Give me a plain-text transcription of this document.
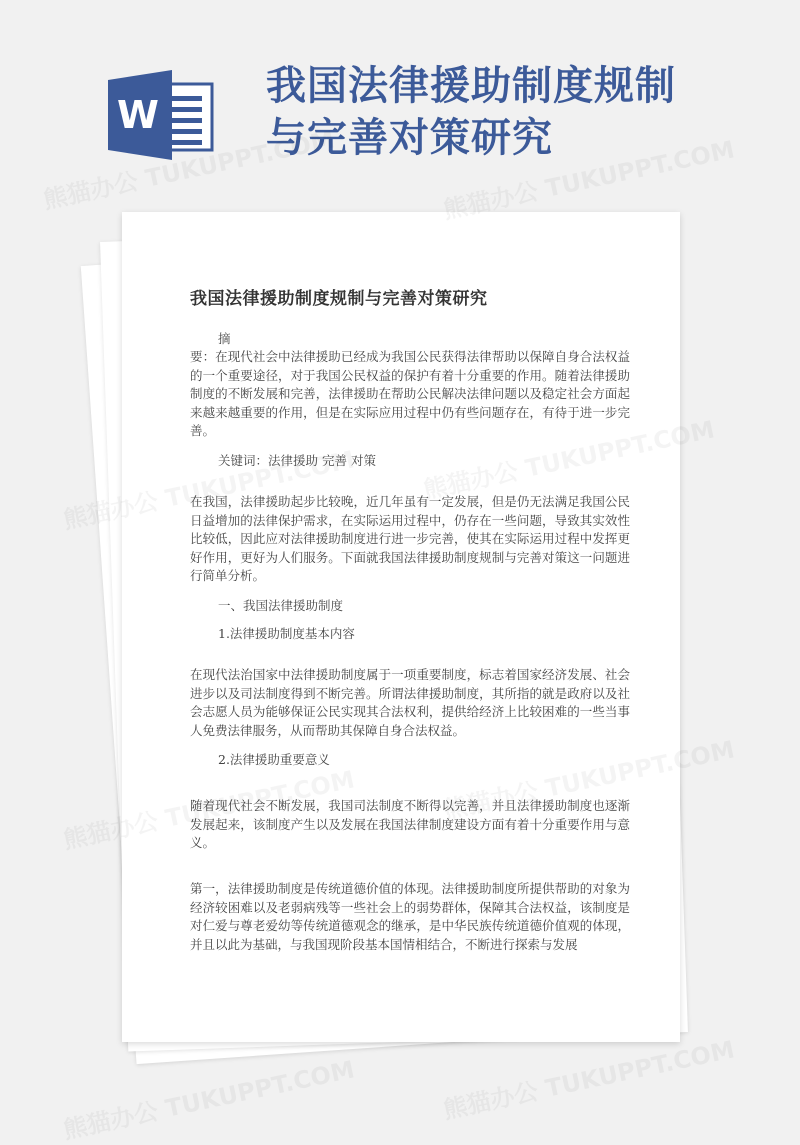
W
我国法律援助制度规制
与完善对策研究
我国法律援助制度规制与完善对策研究

摘

要：在现代社会中法律援助已经成为我国公民获得法律帮助以保障自身合法权益的一个重要途径，对于我国公民权益的保护有着十分重要的作用。随着法律援助制度的不断发展和完善，法律援助在帮助公民解决法律问题以及稳定社会方面起来越来越重要的作用，但是在实际应用过程中仍有些问题存在，有待于进一步完善。

关键词：法律援助 完善 对策

在我国，法律援助起步比较晚，近几年虽有一定发展，但是仍无法满足我国公民日益增加的法律保护需求，在实际运用过程中，仍存在一些问题，导致其实效性比较低，因此应对法律援助制度进行进一步完善，使其在实际运用过程中发挥更好作用，更好为人们服务。下面就我国法律援助制度规制与完善对策这一问题进行简单分析。

一、我国法律援助制度

1.法律援助制度基本内容

在现代法治国家中法律援助制度属于一项重要制度，标志着国家经济发展、社会进步以及司法制度得到不断完善。所谓法律援助制度，其所指的就是政府以及社会志愿人员为能够保证公民实现其合法权利，提供给经济上比较困难的一些当事人免费法律服务，从而帮助其保障自身合法权益。

2.法律援助重要意义

随着现代社会不断发展，我国司法制度不断得以完善，并且法律援助制度也逐渐发展起来，该制度产生以及发展在我国法律制度建设方面有着十分重要作用与意义。

第一，法律援助制度是传统道德价值的体现。法律援助制度所提供帮助的对象为经济较困难以及老弱病残等一些社会上的弱势群体，保障其合法权益，该制度是对仁爱与尊老爱幼等传统道德观念的继承，是中华民族传统道德价值观的体现，并且以此为基础，与我国现阶段基本国情相结合，不断进行探索与发展
